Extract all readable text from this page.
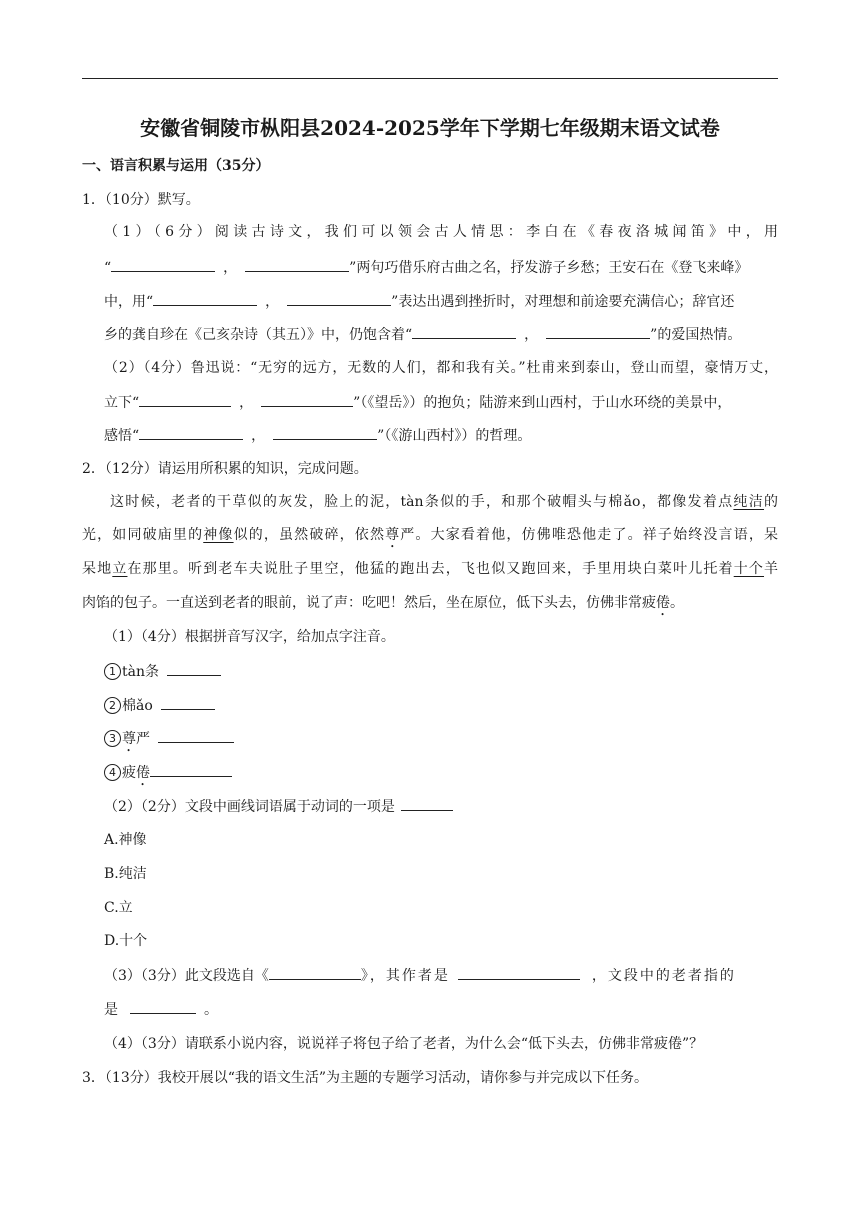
安徽省铜陵市枞阳县2024-2025学年下学期七年级期末语文试卷
一、语言积累与运用（35分）
1．（10分）默写。
（1）（6分）阅读古诗文，我们可以领会古人情思：李白在《春夜洛城闻笛》中，用
“	，	”两句巧借乐府古曲之名，抒发游子乡愁；王安石在《登飞来峰》
中，用“	，	”表达出遇到挫折时，对理想和前途要充满信心；辞官还
乡的龚自珍在《己亥杂诗（其五）》中，仍饱含着“	，	”的爱国热情。
（2）（4分）鲁迅说：“无穷的远方，无数的人们，都和我有关。”杜甫来到泰山，登山而望，豪情万丈，
立下“	，	”（《望岳》）的抱负；陆游来到山西村，于山水环绕的美景中，
感悟“	，	”（《游山西村》）的哲理。
2．（12分）请运用所积累的知识，完成问题。
这时候，老者的干草似的灰发，脸上的泥，tàn条似的手，和那个破帽头与棉ǎo，都像发着点纯洁的
光，如同破庙里的神像似的，虽然破碎，依然尊严。大家看着他，仿佛唯恐他走了。祥子始终没言语，呆
呆地立在那里。听到老车夫说肚子里空，他猛的跑出去，飞也似又跑回来，手里用块白菜叶儿托着十个羊
肉馅的包子。一直送到老者的眼前，说了声：吃吧！然后，坐在原位，低下头去，仿佛非常疲倦。
（1）（4分）根据拼音写汉字，给加点字注音。
1 tàn条
2 棉ǎo
3 尊严
4 疲倦
（2）（2分）文段中画线词语属于动词的一项是
A.神像
B.纯洁
C.立
D.十个
（3）（3分）此文段选自《	》，其作者是	，文段中的老者指的
是	。
（4）（3分）请联系小说内容，说说祥子将包子给了老者，为什么会“低下头去，仿佛非常疲倦”？
3．（13分）我校开展以“我的语文生活”为主题的专题学习活动，请你参与并完成以下任务。
